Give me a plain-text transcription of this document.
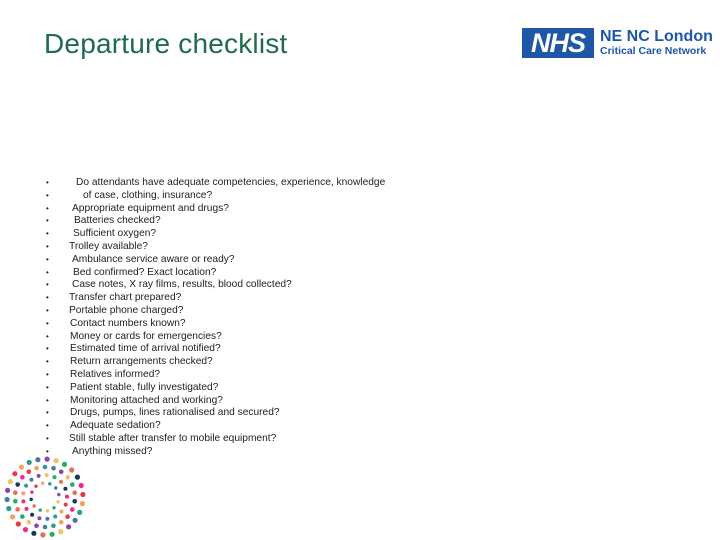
Departure checklist	NHS NE NC London
Critical Care Network
•	Do attendants have adequate competencies, experience, knowledge
•	of case, clothing, insurance?
• Appropriate equipment and drugs?
• Batteries checked?
• Sufficient oxygen?
• Trolley available?
• Ambulance service aware or ready?
• Bed confirmed? Exact location?
• Case notes, X ray films, results, blood collected?
• Transfer chart prepared?
• Portable phone charged?
• Contact numbers known?
• Money or cards for emergencies?
• Estimated time of arrival notified?
• Return arrangements checked?
• Relatives informed?
• Patient stable, fully investigated?
• Monitoring attached and working?
• Drugs, pumps, lines rationalised and secured?
• Adequate sedation?
• Still stable after transfer to mobile equipment?
• Anything missed?
